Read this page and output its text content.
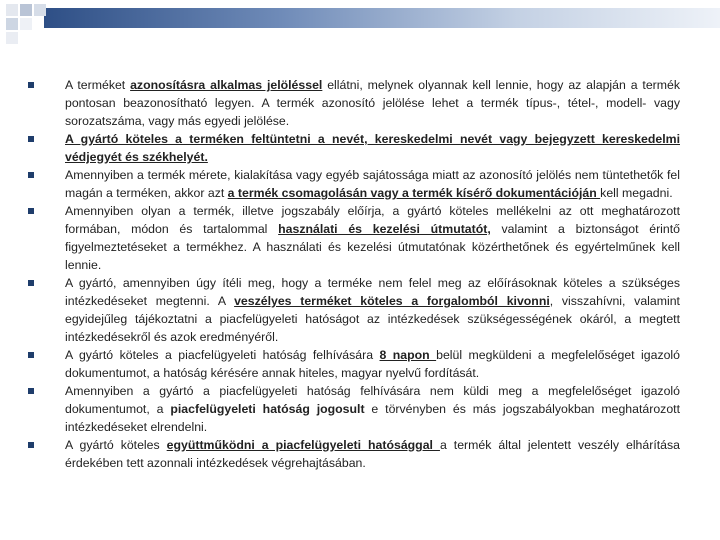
A terméket azonosításra alkalmas jelöléssel ellátni, melynek olyannak kell lennie, hogy az alapján a termék pontosan beazonosítható legyen. A termék azonosító jelölése lehet a termék típus-, tétel-, modell- vagy sorozatszáma, vagy más egyedi jelölése.
A gyártó köteles a terméken feltüntetni a nevét, kereskedelmi nevét vagy bejegyzett kereskedelmi védjegyét és székhelyét.
Amennyiben a termék mérete, kialakítása vagy egyéb sajátossága miatt az azonosító jelölés nem tüntethetők fel magán a terméken, akkor azt a termék csomagolásán vagy a termék kísérő dokumentációján kell megadni.
Amennyiben olyan a termék, illetve jogszabály előírja, a gyártó köteles mellékelni az ott meghatározott formában, módon és tartalommal használati és kezelési útmutatót, valamint a biztonságot érintő figyelmeztetéseket a termékhez. A használati és kezelési útmutatónak közérthetőnek és egyértelműnek kell lennie.
A gyártó, amennyiben úgy ítéli meg, hogy a terméke nem felel meg az előírásoknak köteles a szükséges intézkedéseket megtenni. A veszélyes terméket köteles a forgalomból kivonni, visszahívni, valamint egyidejűleg tájékoztatni a piacfelügyeleti hatóságot az intézkedések szükségességének okáról, a megtett intézkedésekről és azok eredményéről.
A gyártó köteles a piacfelügyeleti hatóság felhívására 8 napon belül megküldeni a megfelelőséget igazoló dokumentumot, a hatóság kérésére annak hiteles, magyar nyelvű fordítását.
Amennyiben a gyártó a piacfelügyeleti hatóság felhívására nem küldi meg a megfelelőséget igazoló dokumentumot, a piacfelügyeleti hatóság jogosult e törvényben és más jogszabályokban meghatározott intézkedéseket elrendelni.
A gyártó köteles együttműködni a piacfelügyeleti hatósággal a termék által jelentett veszély elhárítása érdekében tett azonnali intézkedések végrehajtásában.
